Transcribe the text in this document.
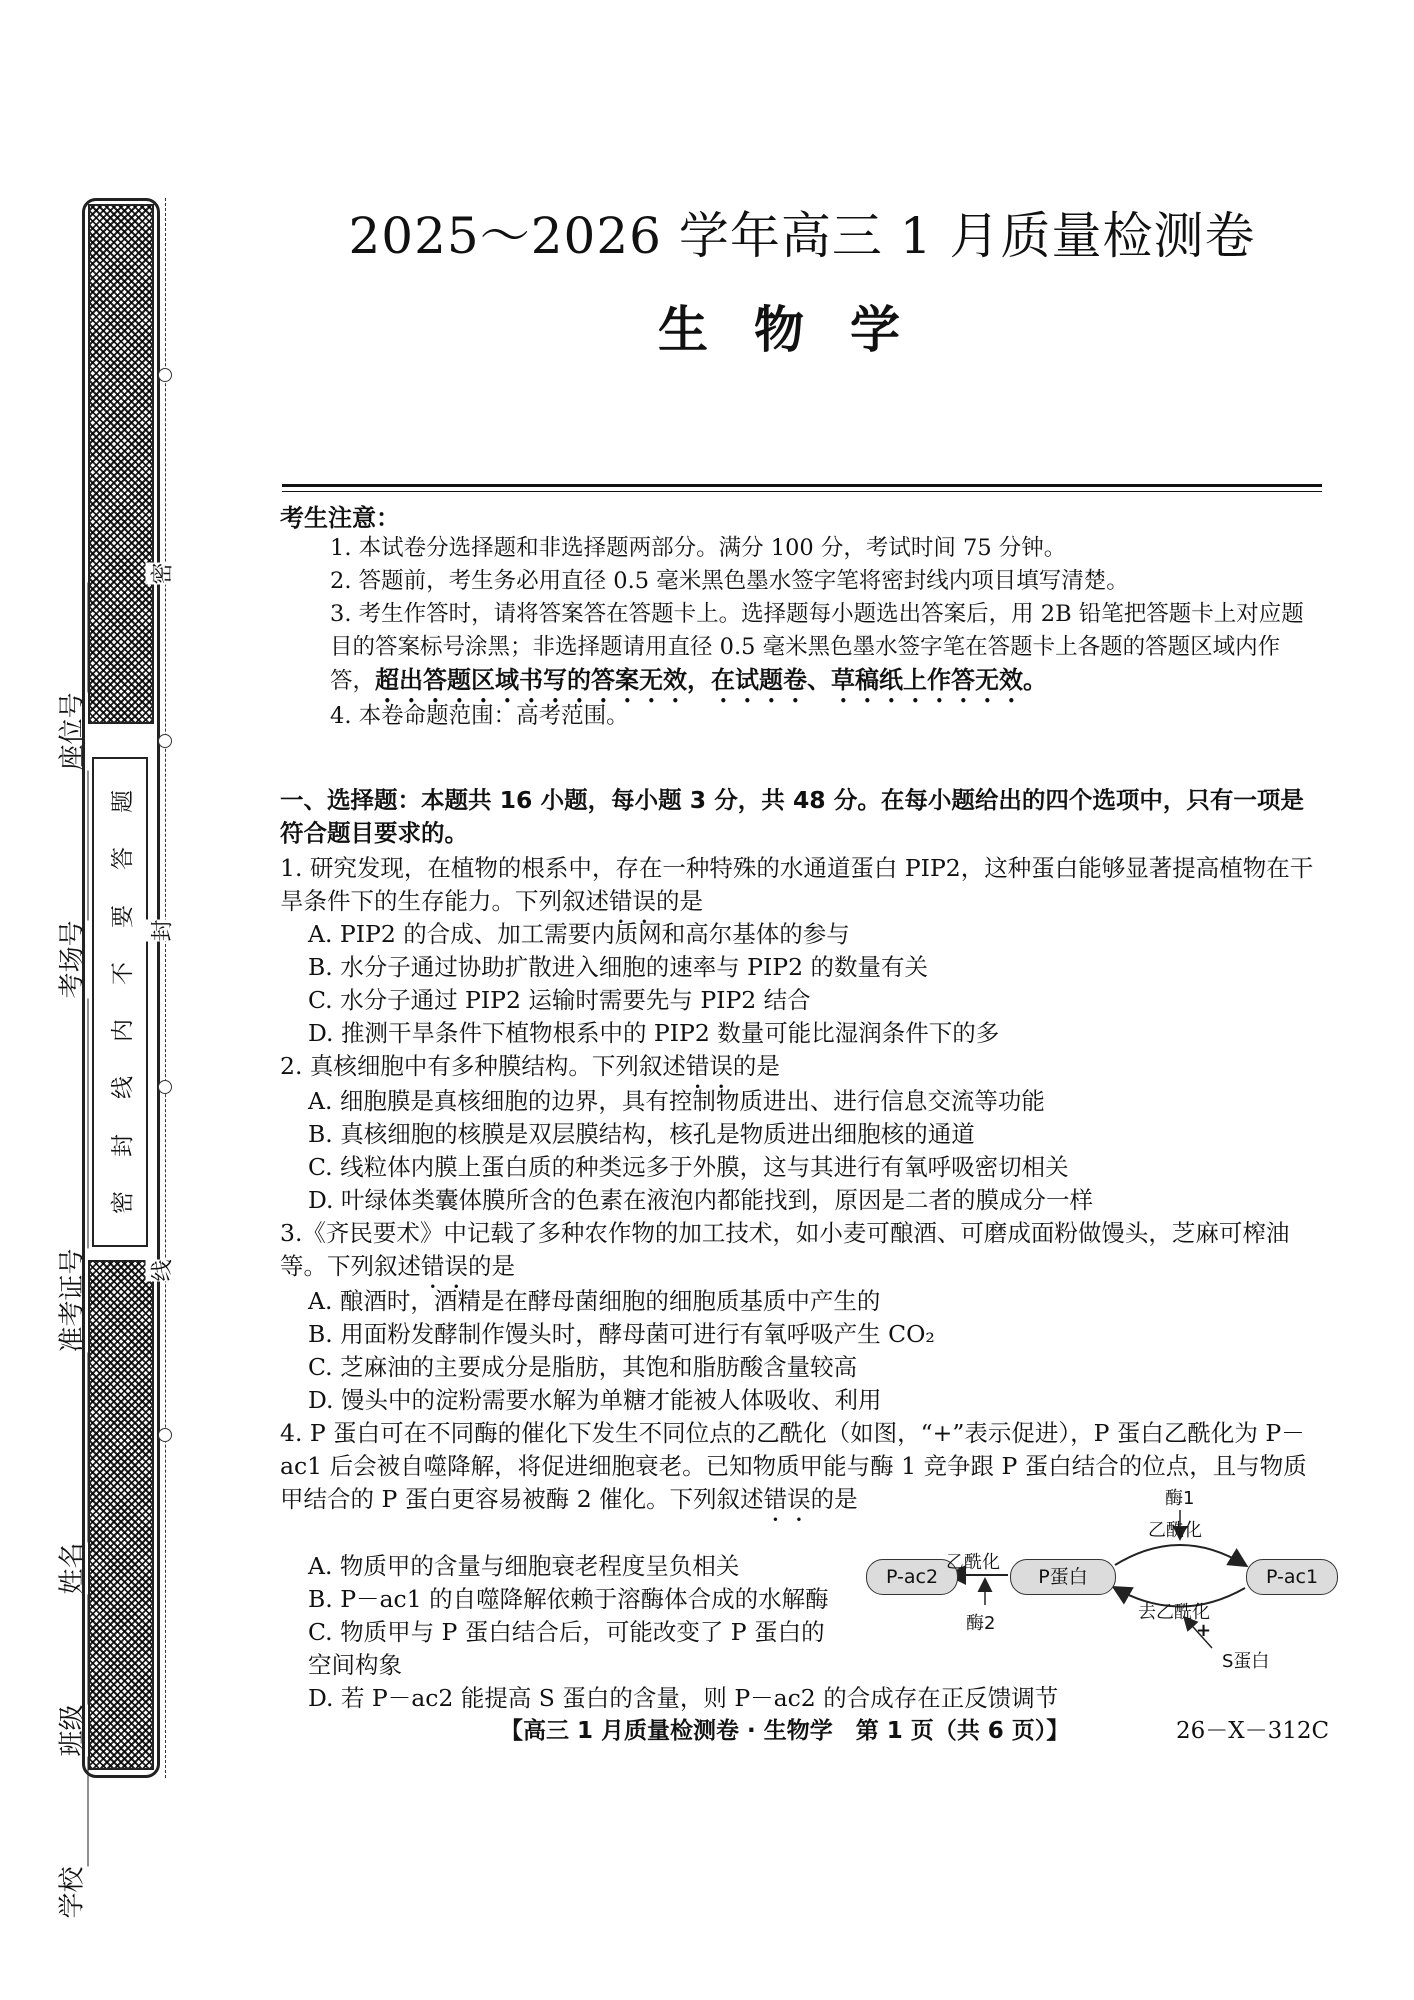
密
封
线
内
不
要
答
题
学校
班级
姓名
准考证号
考场号
座位号
密
封
线
2025～2026 学年高三 1 月质量检测卷
生物学
考生注意：
1. 本试卷分选择题和非选择题两部分。满分 100 分，考试时间 75 分钟。
2. 答题前，考生务必用直径 0.5 毫米黑色墨水签字笔将密封线内项目填写清楚。
3. 考生作答时，请将答案答在答题卡上。选择题每小题选出答案后，用 2B 铅笔把答题卡上对应题目的答案标号涂黑；非选择题请用直径 0.5 毫米黑色墨水签字笔在答题卡上各题的答题区域内作答，超出答题区域书写的答案无效，在试题卷、草稿纸上作答无效。
4. 本卷命题范围：高考范围。
一、选择题：本题共 16 小题，每小题 3 分，共 48 分。在每小题给出的四个选项中，只有一项是符合题目要求的。
1. 研究发现，在植物的根系中，存在一种特殊的水通道蛋白 PIP2，这种蛋白能够显著提高植物在干旱条件下的生存能力。下列叙述错误的是
A. PIP2 的合成、加工需要内质网和高尔基体的参与
B. 水分子通过协助扩散进入细胞的速率与 PIP2 的数量有关
C. 水分子通过 PIP2 运输时需要先与 PIP2 结合
D. 推测干旱条件下植物根系中的 PIP2 数量可能比湿润条件下的多
2. 真核细胞中有多种膜结构。下列叙述错误的是
A. 细胞膜是真核细胞的边界，具有控制物质进出、进行信息交流等功能
B. 真核细胞的核膜是双层膜结构，核孔是物质进出细胞核的通道
C. 线粒体内膜上蛋白质的种类远多于外膜，这与其进行有氧呼吸密切相关
D. 叶绿体类囊体膜所含的色素在液泡内都能找到，原因是二者的膜成分一样
3.《齐民要术》中记载了多种农作物的加工技术，如小麦可酿酒、可磨成面粉做馒头，芝麻可榨油等。下列叙述错误的是
A. 酿酒时，酒精是在酵母菌细胞的细胞质基质中产生的
B. 用面粉发酵制作馒头时，酵母菌可进行有氧呼吸产生 CO₂
C. 芝麻油的主要成分是脂肪，其饱和脂肪酸含量较高
D. 馒头中的淀粉需要水解为单糖才能被人体吸收、利用
4. P 蛋白可在不同酶的催化下发生不同位点的乙酰化（如图，“+”表示促进），P 蛋白乙酰化为 P－ac1 后会被自噬降解，将促进细胞衰老。已知物质甲能与酶 1 竞争跟 P 蛋白结合的位点，且与物质甲结合的 P 蛋白更容易被酶 2 催化。下列叙述错误的是
A. 物质甲的含量与细胞衰老程度呈负相关
B. P－ac1 的自噬降解依赖于溶酶体合成的水解酶
C. 物质甲与 P 蛋白结合后，可能改变了 P 蛋白的空间构象
D. 若 P－ac2 能提高 S 蛋白的含量，则 P－ac2 的合成存在正反馈调节
P-ac2	P蛋白	P-ac1
酶1
乙酰化
乙酰化
酶2
去乙酰化
+
S蛋白
【高三 1 月质量检测卷 · 生物学　第 1 页（共 6 页）】	26－X－312C
